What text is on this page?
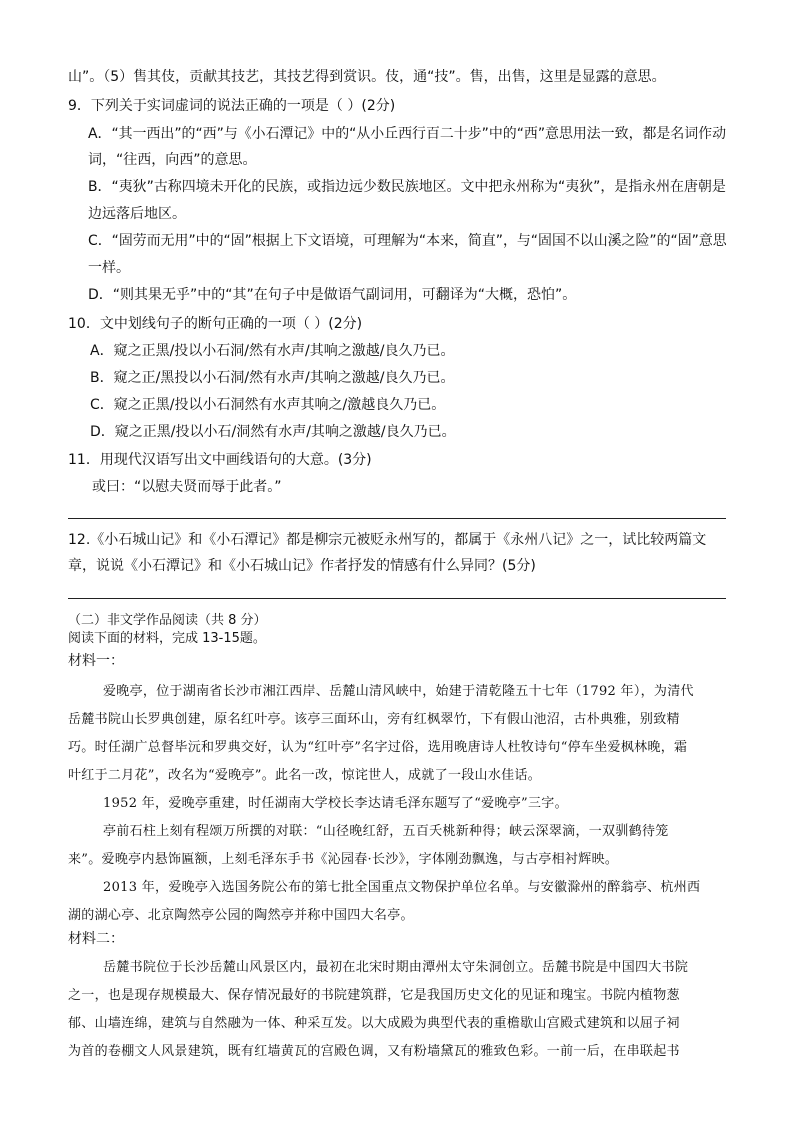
山”。（5）售其伎，贡献其技艺，其技艺得到赏识。伎，通“技”。售，出售，这里是显露的意思。
9．下列关于实词虚词的说法正确的一项是（ ）(2分)
A．“其一西出”的“西”与《小石潭记》中的“从小丘西行百二十步”中的“西”意思用法一致，都是名词作动
词，“往西，向西”的意思。
B．“夷狄”古称四境未开化的民族，或指边远少数民族地区。文中把永州称为“夷狄”，是指永州在唐朝是
边远落后地区。
C．“固劳而无用”中的“固”根据上下文语境，可理解为“本来，简直”，与“固国不以山溪之险”的“固”意思
一样。
D．“则其果无乎”中的“其”在句子中是做语气副词用，可翻译为“大概，恐怕”。
10．文中划线句子的断句正确的一项（ ）(2分)
A．窥之正黑/投以小石洞/然有水声/其响之激越/良久乃已。
B．窥之正/黑投以小石洞/然有水声/其响之激越/良久乃已。
C．窥之正黑/投以小石洞然有水声其响之/激越良久乃已。
D．窥之正黑/投以小石/洞然有水声/其响之激越/良久乃已。
11．用现代汉语写出文中画线语句的大意。(3分)
或曰：“以慰夫贤而辱于此者。”
12.《小石城山记》和《小石潭记》都是柳宗元被贬永州写的，都属于《永州八记》之一，试比较两篇文
章，说说《小石潭记》和《小石城山记》作者抒发的情感有什么异同？(5分)
（二）非文学作品阅读（共 8 分）
阅读下面的材料，完成 13-15题。
材料一：
爱晚亭，位于湖南省长沙市湘江西岸、岳麓山清风峡中，始建于清乾隆五十七年（1792 年），为清代
岳麓书院山长罗典创建，原名红叶亭。该亭三面环山，旁有红枫翠竹，下有假山池沼，古朴典雅，别致精
巧。时任湖广总督毕沅和罗典交好，认为“红叶亭”名字过俗，选用晚唐诗人杜牧诗句“停车坐爱枫林晚，霜
叶红于二月花”，改名为“爱晚亭”。此名一改，惊诧世人，成就了一段山水佳话。
1952 年，爱晚亭重建，时任湖南大学校长李达请毛泽东题写了“爱晚亭”三字。
亭前石柱上刻有程颂万所撰的对联：“山径晚红舒，五百夭桃新种得；峡云深翠滴，一双驯鹤待笼
来”。爱晚亭内悬饰匾额，上刻毛泽东手书《沁园春·长沙》，字体刚劲飘逸，与古亭相衬辉映。
2013 年，爱晚亭入选国务院公布的第七批全国重点文物保护单位名单。与安徽滁州的醉翁亭、杭州西
湖的湖心亭、北京陶然亭公园的陶然亭并称中国四大名亭。
材料二：
岳麓书院位于长沙岳麓山风景区内，最初在北宋时期由潭州太守朱洞创立。岳麓书院是中国四大书院
之一，也是现存规模最大、保存情况最好的书院建筑群，它是我国历史文化的见证和瑰宝。书院内植物葱
郁、山墙连绵，建筑与自然融为一体、种采互发。以大成殿为典型代表的重檐歇山宫殿式建筑和以屈子祠
为首的卷棚文人风景建筑，既有红墙黄瓦的宫殿色调，又有粉墙黛瓦的雅致色彩。一前一后，在串联起书
